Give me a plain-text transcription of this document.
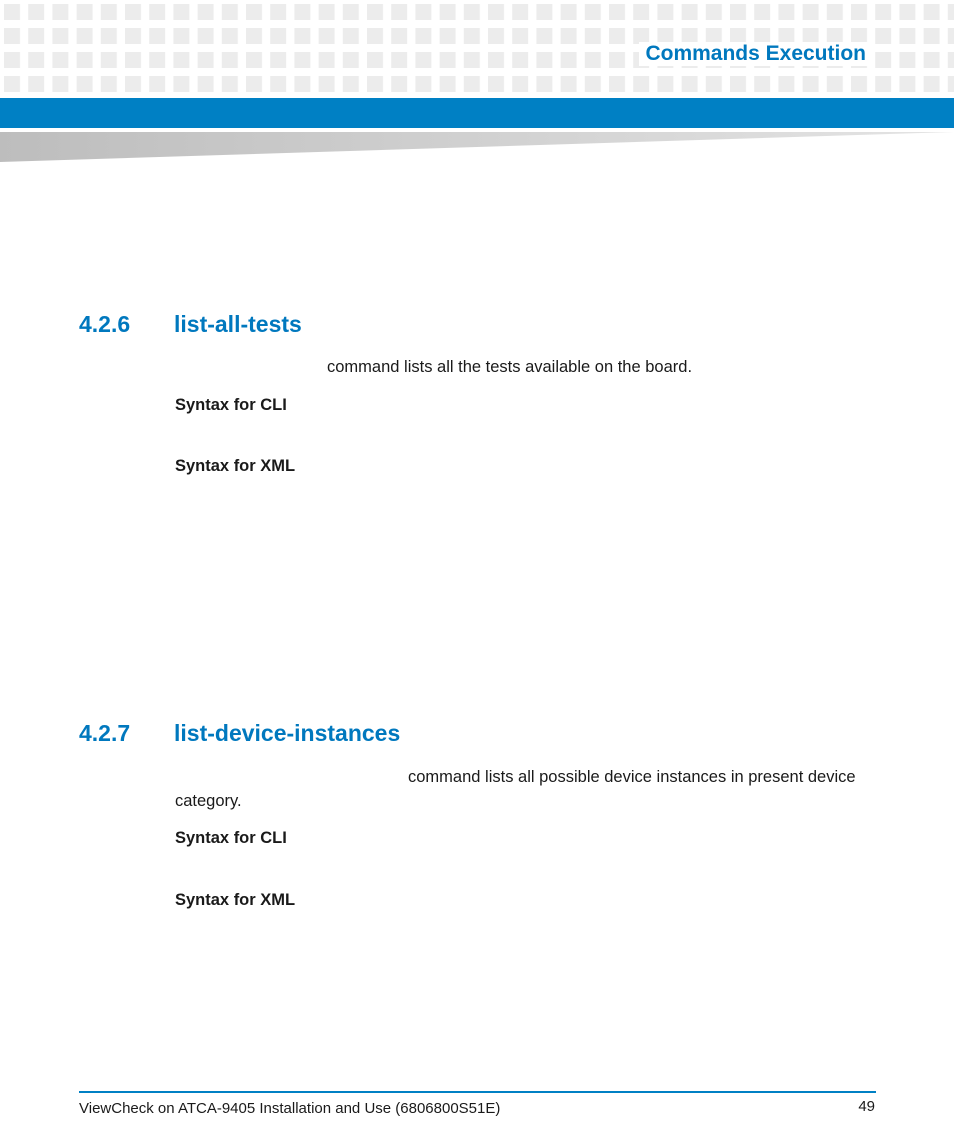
Commands Execution
4.2.6 list-all-tests
command lists all the tests available on the board.
Syntax for CLI
Syntax for XML
4.2.7 list-device-instances
command lists all possible device instances in present device
category.
Syntax for CLI
Syntax for XML
ViewCheck on ATCA-9405 Installation and Use (6806800S51E)	49
